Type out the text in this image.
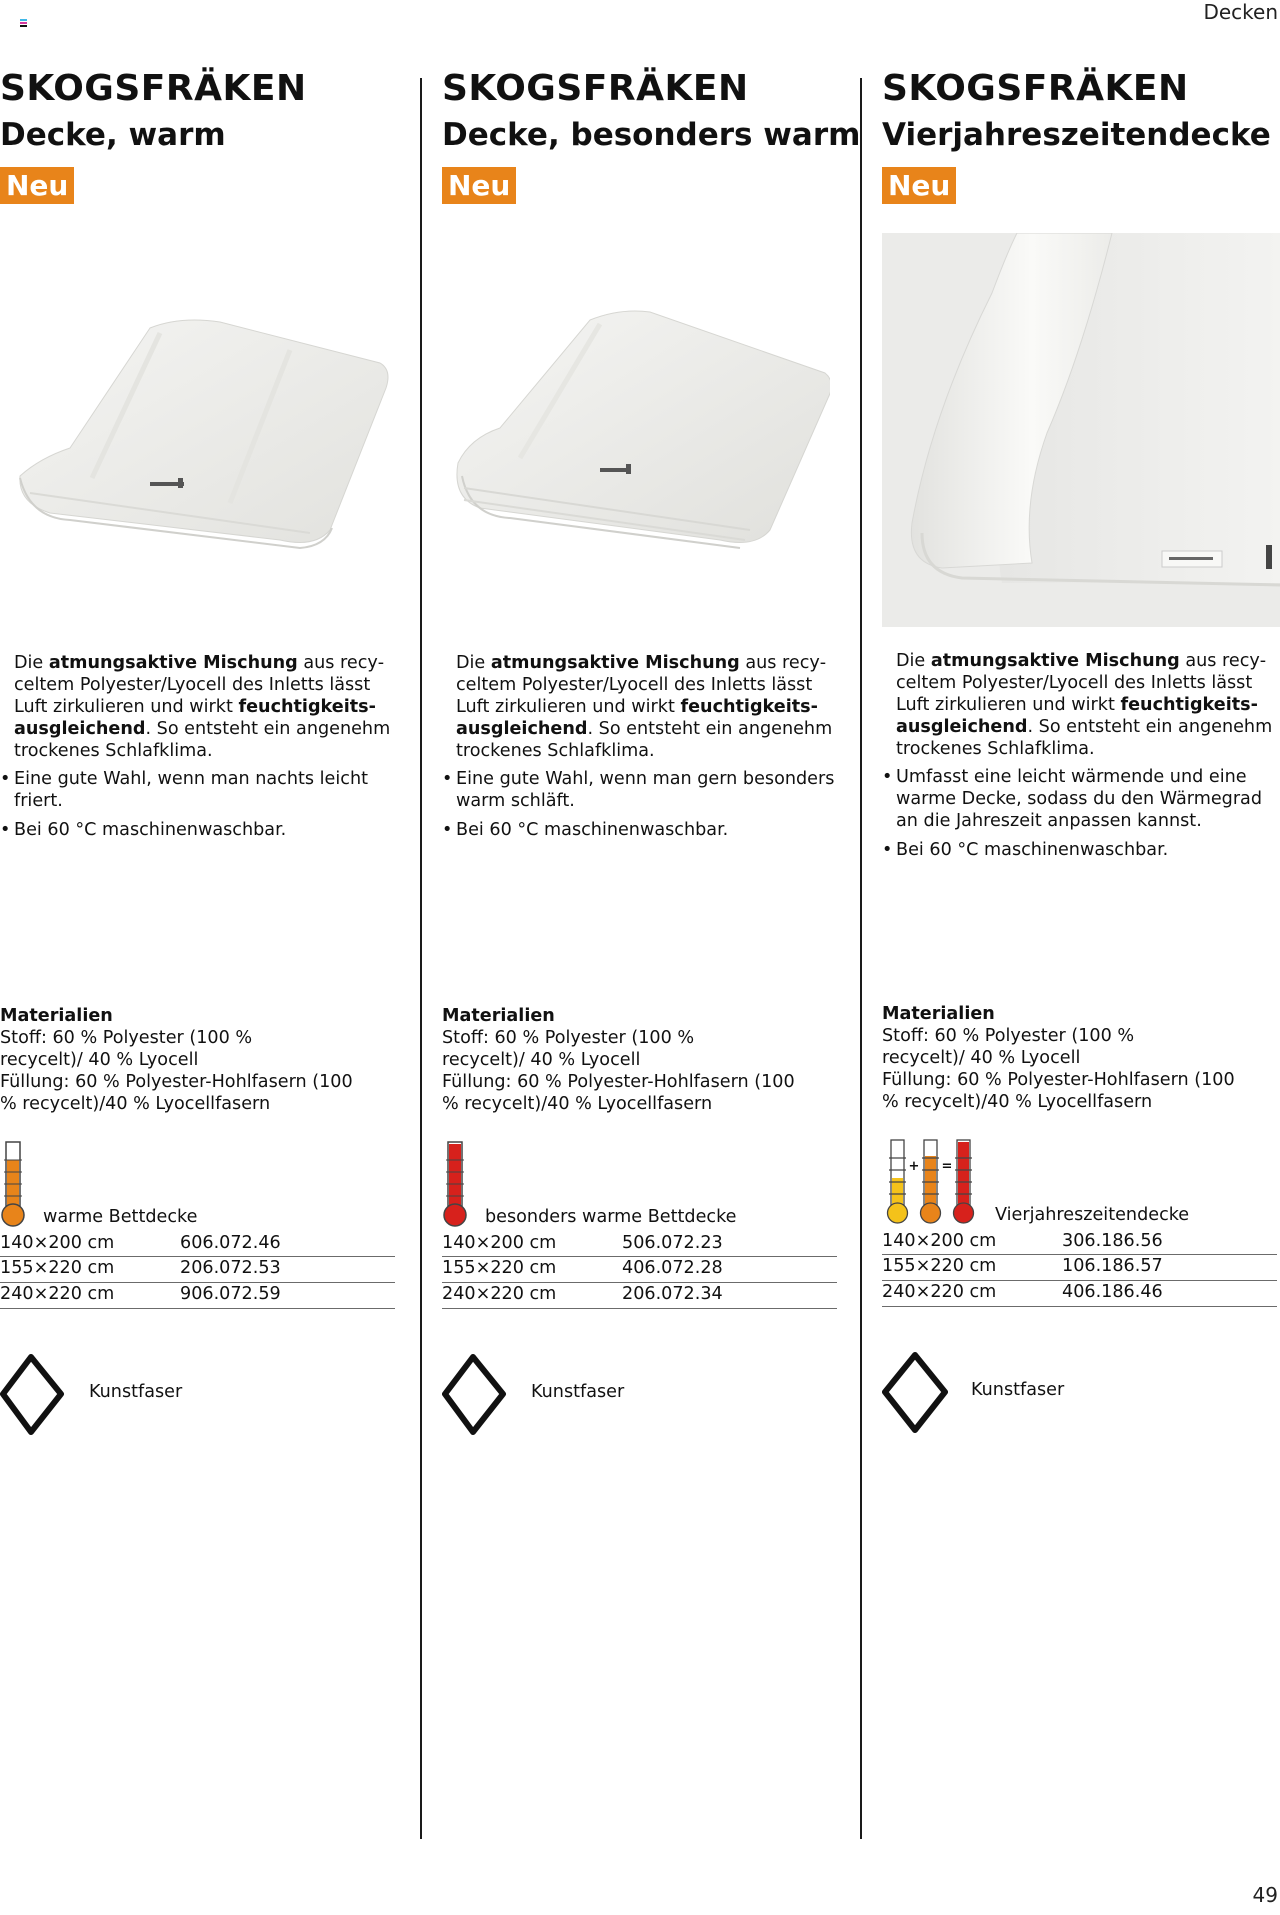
Decken
SKOGSFRÄKEN
Decke, warm
Neu

Die atmungsaktive Mischung aus recyceltem Polyester/Lyocell des Inletts lässt Luft zirkulieren und wirkt feuchtigkeitsausgleichend. So entsteht ein angenehm trockenes Schlafklima.

• Eine gute Wahl, wenn man nachts leicht friert.
• Bei 60 °C maschinenwaschbar.
Materialien
Stoff: 60 % Polyester (100 % recycelt)/ 40 % Lyocell
Füllung: 60 % Polyester-Hohlfasern (100 % recycelt)/40 % Lyocellfasern
warme Bettdecke
140×200 cm	606.072.46
155×220 cm	206.072.53
240×220 cm	906.072.59
Kunstfaser
SKOGSFRÄKEN
Decke, besonders warm
Neu

Die atmungsaktive Mischung aus recyceltem Polyester/Lyocell des Inletts lässt Luft zirkulieren und wirkt feuchtigkeitsausgleichend. So entsteht ein angenehm trockenes Schlafklima.

• Eine gute Wahl, wenn man gern besonders warm schläft.
• Bei 60 °C maschinenwaschbar.
Materialien
Stoff: 60 % Polyester (100 % recycelt)/ 40 % Lyocell
Füllung: 60 % Polyester-Hohlfasern (100 % recycelt)/40 % Lyocellfasern
besonders warme Bettdecke
140×200 cm	506.072.23
155×220 cm	406.072.28
240×220 cm	206.072.34
Kunstfaser
SKOGSFRÄKEN
Vierjahreszeitendecke
Neu

Die atmungsaktive Mischung aus recyceltem Polyester/Lyocell des Inletts lässt Luft zirkulieren und wirkt feuchtigkeitsausgleichend. So entsteht ein angenehm trockenes Schlafklima.

• Umfasst eine leicht wärmende und eine warme Decke, sodass du den Wärmegrad an die Jahreszeit anpassen kannst.
• Bei 60 °C maschinenwaschbar.
Materialien
Stoff: 60 % Polyester (100 % recycelt)/ 40 % Lyocell
Füllung: 60 % Polyester-Hohlfasern (100 % recycelt)/40 % Lyocellfasern
+ =
Vierjahreszeitendecke
140×200 cm	306.186.56
155×220 cm	106.186.57
240×220 cm	406.186.46
Kunstfaser
49
